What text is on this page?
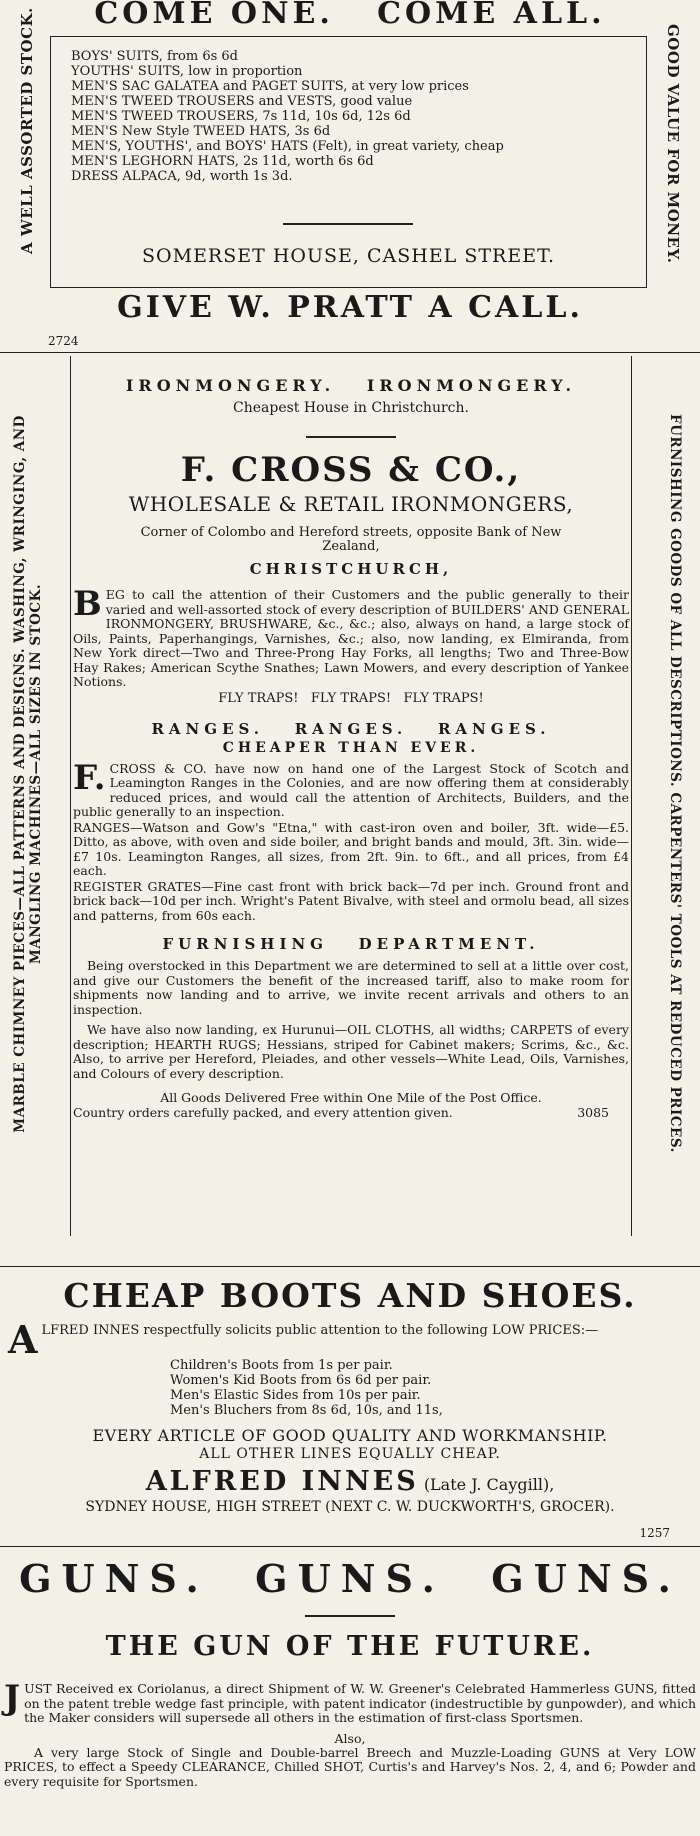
COME ONE.   COME ALL.
A WELL ASSORTED STOCK.	GOOD VALUE FOR MONEY.
BOYS' SUITS, from 6s 6d
YOUTHS' SUITS, low in proportion
MEN'S SAC GALATEA and PAGET SUITS, at very low prices
MEN'S TWEED TROUSERS and VESTS, good value
MEN'S TWEED TROUSERS, 7s 11d, 10s 6d, 12s 6d
MEN'S New Style TWEED HATS, 3s 6d
MEN'S, YOUTHS', and BOYS' HATS (Felt), in great variety, cheap
MEN'S LEGHORN HATS, 2s 11d, worth 6s 6d
DRESS ALPACA, 9d, worth 1s 3d.
SOMERSET HOUSE, CASHEL STREET.
GIVE W. PRATT A CALL.
2724
MARBLE CHIMNEY PIECES—ALL PATTERNS AND DESIGNS. WASHING, WRINGING, AND MANGLING MACHINES—ALL SIZES IN STOCK.	FURNISHING GOODS OF ALL DESCRIPTIONS. CARPENTERS' TOOLS AT REDUCED PRICES.
IRONMONGERY.   IRONMONGERY.
Cheapest House in Christchurch.
F. CROSS & CO.,
WHOLESALE & RETAIL IRONMONGERS,
Corner of Colombo and Hereford streets, opposite Bank of New Zealand,
CHRISTCHURCH,
BEG to call the attention of their Customers and the public generally to their varied and well-assorted stock of every description of BUILDERS' AND GENERAL IRONMONGERY, BRUSHWARE, &c., &c.; also, always on hand, a large stock of Oils, Paints, Paperhangings, Varnishes, &c.; also, now landing, ex Elmiranda, from New York direct—Two and Three-Prong Hay Forks, all lengths; Two and Three-Bow Hay Rakes; American Scythe Snathes; Lawn Mowers, and every description of Yankee Notions.
FLY TRAPS!   FLY TRAPS!   FLY TRAPS!
RANGES.   RANGES.   RANGES.
CHEAPER THAN EVER.
F. CROSS & CO. have now on hand one of the Largest Stock of Scotch and Leamington Ranges in the Colonies, and are now offering them at considerably reduced prices, and would call the attention of Architects, Builders, and the public generally to an inspection.
RANGES—Watson and Gow's "Etna," with cast-iron oven and boiler, 3ft. wide—£5. Ditto, as above, with oven and side boiler, and bright bands and mould, 3ft. 3in. wide—£7 10s. Leamington Ranges, all sizes, from 2ft. 9in. to 6ft., and all prices, from £4 each.
REGISTER GRATES—Fine cast front with brick back—7d per inch. Ground front and brick back—10d per inch. Wright's Patent Bivalve, with steel and ormolu bead, all sizes and patterns, from 60s each.
FURNISHING   DEPARTMENT.
Being overstocked in this Department we are determined to sell at a little over cost, and give our Customers the benefit of the increased tariff, also to make room for shipments now landing and to arrive, we invite recent arrivals and others to an inspection.
We have also now landing, ex Hurunui—OIL CLOTHS, all widths; CARPETS of every description; HEARTH RUGS; Hessians, striped for Cabinet makers; Scrims, &c., &c. Also, to arrive per Hereford, Pleiades, and other vessels—White Lead, Oils, Varnishes, and Colours of every description.
All Goods Delivered Free within One Mile of the Post Office.
Country orders carefully packed, and every attention given.	3085
CHEAP BOOTS AND SHOES.
ALFRED INNES respectfully solicits public attention to the following LOW PRICES:—
Children's Boots from 1s per pair.
Women's Kid Boots from 6s 6d per pair.
Men's Elastic Sides from 10s per pair.
Men's Bluchers from 8s 6d, 10s, and 11s,
EVERY ARTICLE OF GOOD QUALITY AND WORKMANSHIP.
ALL OTHER LINES EQUALLY CHEAP.
ALFRED INNES (Late J. Caygill),
SYDNEY HOUSE, HIGH STREET (NEXT C. W. DUCKWORTH'S, GROCER).
1257
GUNS.  GUNS.  GUNS.
THE GUN OF THE FUTURE.
JUST Received ex Coriolanus, a direct Shipment of W. W. Greener's Celebrated Hammerless GUNS, fitted on the patent treble wedge fast principle, with patent indicator (indestructible by gunpowder), and which the Maker considers will supersede all others in the estimation of first-class Sportsmen.
Also,
A very large Stock of Single and Double-barrel Breech and Muzzle-Loading GUNS at Very LOW PRICES, to effect a Speedy CLEARANCE, Chilled SHOT, Curtis's and Harvey's Nos. 2, 4, and 6; Powder and every requisite for Sportsmen.
